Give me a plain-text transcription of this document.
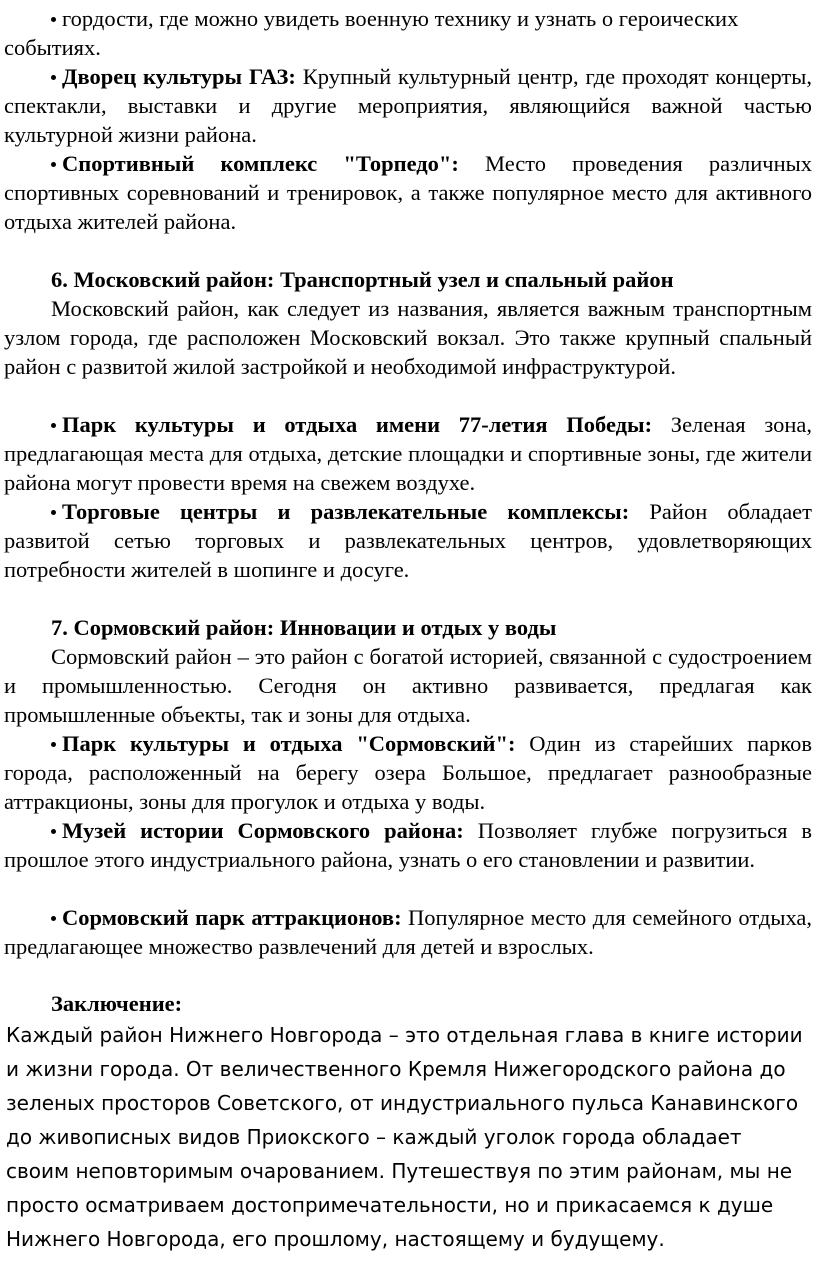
гордости, где можно увидеть военную технику и узнать о героических
событиях.

Дворец культуры ГАЗ: Крупный культурный центр, где проходят концерты, спектакли, выставки и другие мероприятия, являющийся важной частью культурной жизни района.

Спортивный комплекс "Торпедо": Место проведения различных спортивных соревнований и тренировок, а также популярное место для активного отдыха жителей района.

6. Московский район: Транспортный узел и спальный район

Московский район, как следует из названия, является важным транспортным узлом города, где расположен Московский вокзал. Это также крупный спальный район с развитой жилой застройкой и необходимой инфраструктурой.

Парк культуры и отдыха имени 77-летия Победы: Зеленая зона, предлагающая места для отдыха, детские площадки и спортивные зоны, где жители района могут провести время на свежем воздухе.

Торговые центры и развлекательные комплексы: Район обладает развитой сетью торговых и развлекательных центров, удовлетворяющих потребности жителей в шопинге и досуге.

7. Сормовский район: Инновации и отдых у воды

Сормовский район – это район с богатой историей, связанной с судостроением и промышленностью. Сегодня он активно развивается, предлагая как промышленные объекты, так и зоны для отдыха.

Парк культуры и отдыха "Сормовский": Один из старейших парков города, расположенный на берегу озера Большое, предлагает разнообразные аттракционы, зоны для прогулок и отдыха у воды.

Музей истории Сормовского района: Позволяет глубже погрузиться в прошлое этого индустриального района, узнать о его становлении и развитии.

Сормовский парк аттракционов: Популярное место для семейного отдыха, предлагающее множество развлечений для детей и взрослых.

Заключение:

Каждый район Нижнего Новгорода – это отдельная глава в книге истории
и жизни города. От величественного Кремля Нижегородского района до
зеленых просторов Советского, от индустриального пульса Канавинского
до живописных видов Приокского – каждый уголок города обладает
своим неповторимым очарованием. Путешествуя по этим районам, мы не
просто осматриваем достопримечательности, но и прикасаемся к душе
Нижнего Новгорода, его прошлому, настоящему и будущему.
